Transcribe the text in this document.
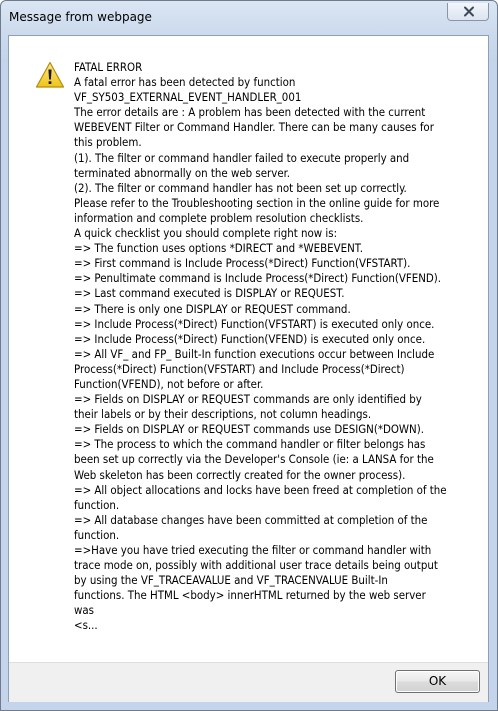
Message from webpage
FATAL ERROR
A fatal error has been detected by function
VF_SY503_EXTERNAL_EVENT_HANDLER_001
The error details are : A problem has been detected with the current
WEBEVENT Filter or Command Handler. There can be many causes for
this problem.
(1). The filter or command handler failed to execute properly and
terminated abnormally on the web server.
(2). The filter or command handler has not been set up correctly.
Please refer to the Troubleshooting section in the online guide for more
information and complete problem resolution checklists.
A quick checklist you should complete right now is:
=> The function uses options *DIRECT and *WEBEVENT.
=> First command is Include Process(*Direct) Function(VFSTART).
=> Penultimate command is Include Process(*Direct) Function(VFEND).
=> Last command executed is DISPLAY or REQUEST.
=> There is only one DISPLAY or REQUEST command.
=> Include Process(*Direct) Function(VFSTART) is executed only once.
=> Include Process(*Direct) Function(VFEND) is executed only once.
=> All VF_ and FP_ Built-In function executions occur between Include
Process(*Direct) Function(VFSTART) and Include Process(*Direct)
Function(VFEND), not before or after.
=> Fields on DISPLAY or REQUEST commands are only identified by
their labels or by their descriptions, not column headings.
=> Fields on DISPLAY or REQUEST commands use DESIGN(*DOWN).
=> The process to which the command handler or filter belongs has
been set up correctly via the Developer's Console (ie: a LANSA for the
Web skeleton has been correctly created for the owner process).
=> All object allocations and locks have been freed at completion of the
function.
=> All database changes have been committed at completion of the
function.
=>Have you have tried executing the filter or command handler with
trace mode on, possibly with additional user trace details being output
by using the VF_TRACEAVALUE and VF_TRACENVALUE Built-In
functions. The HTML <body> innerHTML returned by the web server
was
<s...
OK
